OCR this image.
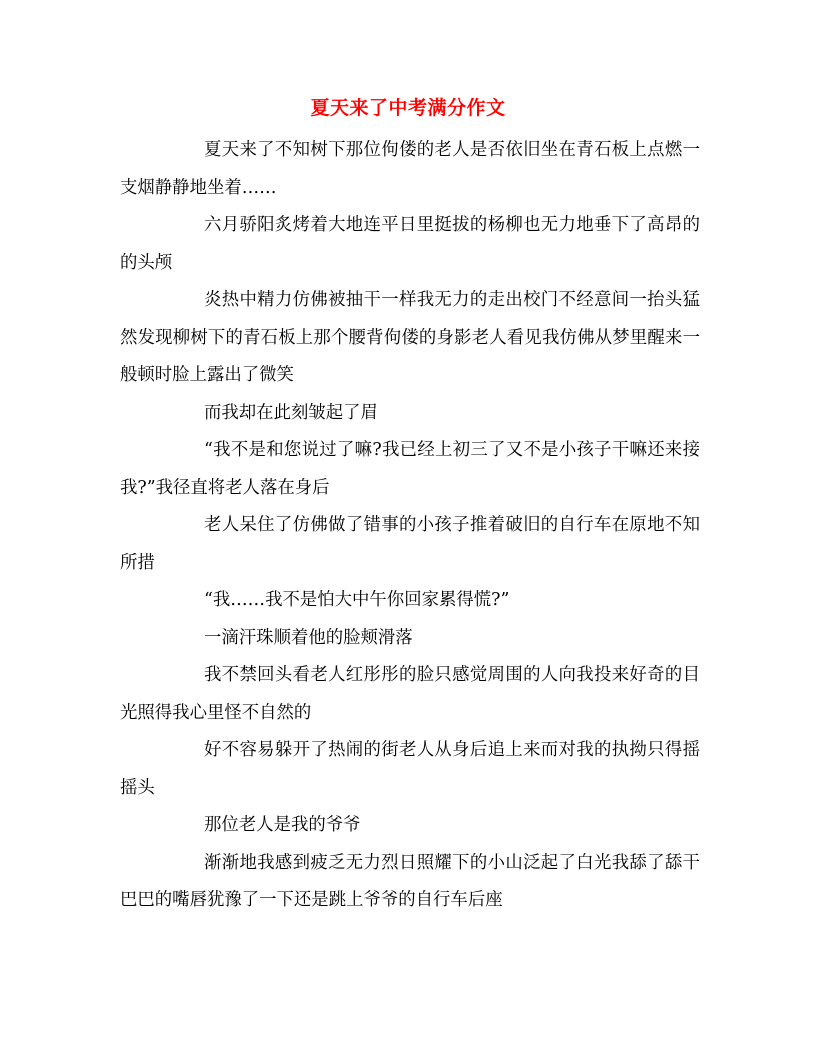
夏天来了中考满分作文

夏天来了不知树下那位佝偻的老人是否依旧坐在青石板上点燃一支烟静静地坐着……

六月骄阳炙烤着大地连平日里挺拔的杨柳也无力地垂下了高昂的的头颅

炎热中精力仿佛被抽干一样我无力的走出校门不经意间一抬头猛然发现柳树下的青石板上那个腰背佝偻的身影老人看见我仿佛从梦里醒来一般顿时脸上露出了微笑

而我却在此刻皱起了眉

“我不是和您说过了嘛?我已经上初三了又不是小孩子干嘛还来接我?”我径直将老人落在身后

老人呆住了仿佛做了错事的小孩子推着破旧的自行车在原地不知所措

“我……我不是怕大中午你回家累得慌?”

一滴汗珠顺着他的脸颊滑落

我不禁回头看老人红彤彤的脸只感觉周围的人向我投来好奇的目光照得我心里怪不自然的

好不容易躲开了热闹的街老人从身后追上来而对我的执拗只得摇摇头

那位老人是我的爷爷

渐渐地我感到疲乏无力烈日照耀下的小山泛起了白光我舔了舔干巴巴的嘴唇犹豫了一下还是跳上爷爷的自行车后座
